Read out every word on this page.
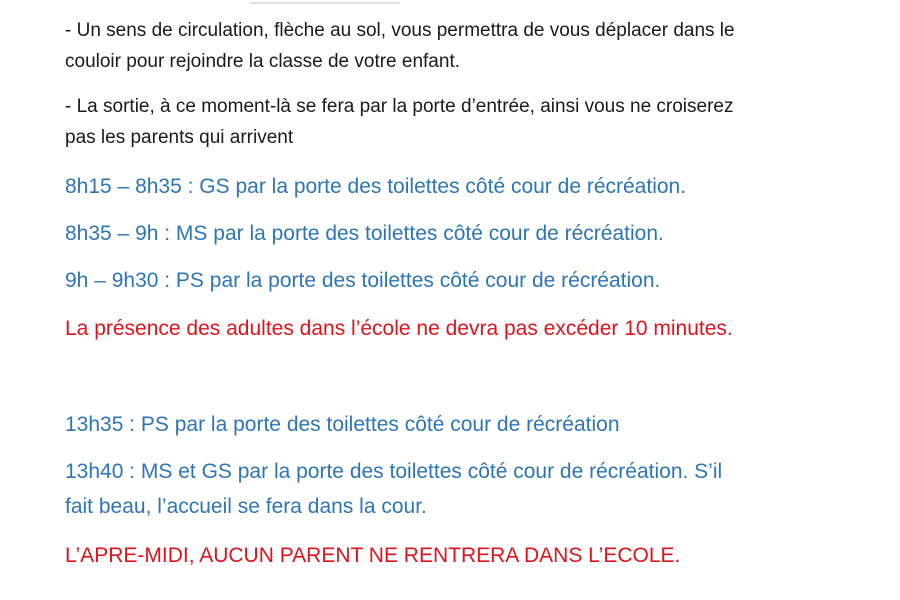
- Un sens de circulation, flèche au sol, vous permettra de vous déplacer dans le
couloir pour rejoindre la classe de votre enfant.

- La sortie, à ce moment-là se fera par la porte d’entrée, ainsi vous ne croiserez
pas les parents qui arrivent

8h15 – 8h35 : GS par la porte des toilettes côté cour de récréation.

8h35 – 9h : MS par la porte des toilettes côté cour de récréation.

9h – 9h30 : PS par la porte des toilettes côté cour de récréation.

La présence des adultes dans l’école ne devra pas excéder 10 minutes.

13h35 : PS par la porte des toilettes côté cour de récréation

13h40 : MS et GS par la porte des toilettes côté cour de récréation. S’il
fait beau, l’accueil se fera dans la cour.

L’APRE-MIDI, AUCUN PARENT NE RENTRERA DANS L’ECOLE.
